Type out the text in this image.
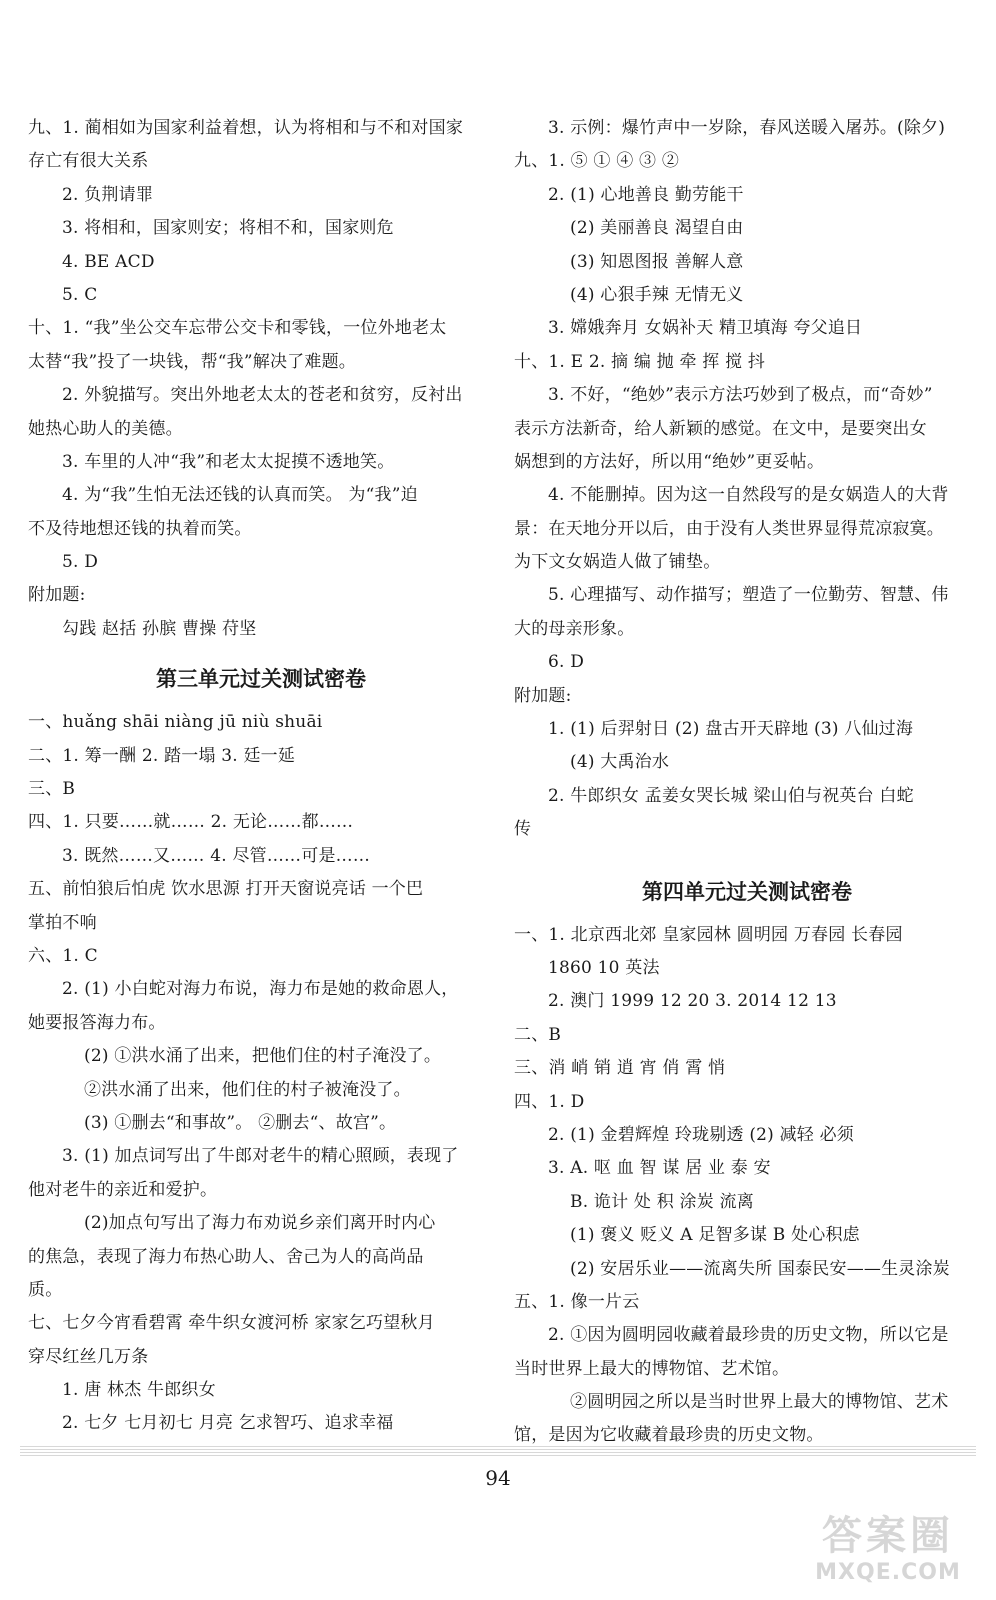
九、1. 蔺相如为国家利益着想，认为将相和与不和对国家
存亡有很大关系
2. 负荆请罪
3. 将相和，国家则安；将相不和，国家则危
4. BE ACD
5. C
十、1. “我”坐公交车忘带公交卡和零钱，一位外地老太
太替“我”投了一块钱，帮“我”解决了难题。
2. 外貌描写。突出外地老太太的苍老和贫穷，反衬出
她热心助人的美德。
3. 车里的人冲“我”和老太太捉摸不透地笑。
4. 为“我”生怕无法还钱的认真而笑。 为“我”迫
不及待地想还钱的执着而笑。
5. D
附加题:
勾践 赵括 孙膑 曹操 苻坚
第三单元过关测试密卷
一、huǎng shāi niàng jū niù shuāi
二、1. 筹一酬 2. 踏一塌 3. 廷一延
三、B
四、1. 只要……就…… 2. 无论……都……
3. 既然……又…… 4. 尽管……可是……
五、前怕狼后怕虎 饮水思源 打开天窗说亮话 一个巴
掌拍不响
六、1. C
2. (1) 小白蛇对海力布说，海力布是她的救命恩人，
她要报答海力布。
(2) ①洪水涌了出来，把他们住的村子淹没了。
②洪水涌了出来，他们住的村子被淹没了。
(3) ①删去“和事故”。 ②删去“、故宫”。
3. (1) 加点词写出了牛郎对老牛的精心照顾，表现了
他对老牛的亲近和爱护。
(2)加点句写出了海力布劝说乡亲们离开时内心
的焦急，表现了海力布热心助人、舍己为人的高尚品
质。
七、七夕今宵看碧霄 牵牛织女渡河桥 家家乞巧望秋月
穿尽红丝几万条
1. 唐 林杰 牛郎织女
2. 七夕 七月初七 月亮 乞求智巧、追求幸福
3. 示例：爆竹声中一岁除，春风送暖入屠苏。(除夕)
九、1. ⑤ ① ④ ③ ②
2. (1) 心地善良 勤劳能干
(2) 美丽善良 渴望自由
(3) 知恩图报 善解人意
(4) 心狠手辣 无情无义
3. 嫦娥奔月 女娲补天 精卫填海 夸父追日
十、1. E 2. 摘 编 抛 牵 挥 搅 抖
3. 不好，“绝妙”表示方法巧妙到了极点，而“奇妙”
表示方法新奇，给人新颖的感觉。在文中，是要突出女
娲想到的方法好，所以用“绝妙”更妥帖。
4. 不能删掉。因为这一自然段写的是女娲造人的大背
景：在天地分开以后，由于没有人类世界显得荒凉寂寞。
为下文女娲造人做了铺垫。
5. 心理描写、动作描写；塑造了一位勤劳、智慧、伟
大的母亲形象。
6. D
附加题:
1. (1) 后羿射日 (2) 盘古开天辟地 (3) 八仙过海
(4) 大禹治水
2. 牛郎织女 孟姜女哭长城 梁山伯与祝英台 白蛇
传
第四单元过关测试密卷
一、1. 北京西北郊 皇家园林 圆明园 万春园 长春园
1860 10 英法
2. 澳门 1999 12 20 3. 2014 12 13
二、B
三、消 峭 销 逍 宵 俏 霄 悄
四、1. D
2. (1) 金碧辉煌 玲珑剔透 (2) 减轻 必须
3. A. 呕 血 智 谋 居 业 泰 安
B. 诡计 处 积 涂炭 流离
(1) 褒义 贬义 A 足智多谋 B 处心积虑
(2) 安居乐业——流离失所 国泰民安——生灵涂炭
五、1. 像一片云
2. ①因为圆明园收藏着最珍贵的历史文物，所以它是
当时世界上最大的博物馆、艺术馆。
②圆明园之所以是当时世界上最大的博物馆、艺术
馆，是因为它收藏着最珍贵的历史文物。
94
答案圈
MXQE.COM
